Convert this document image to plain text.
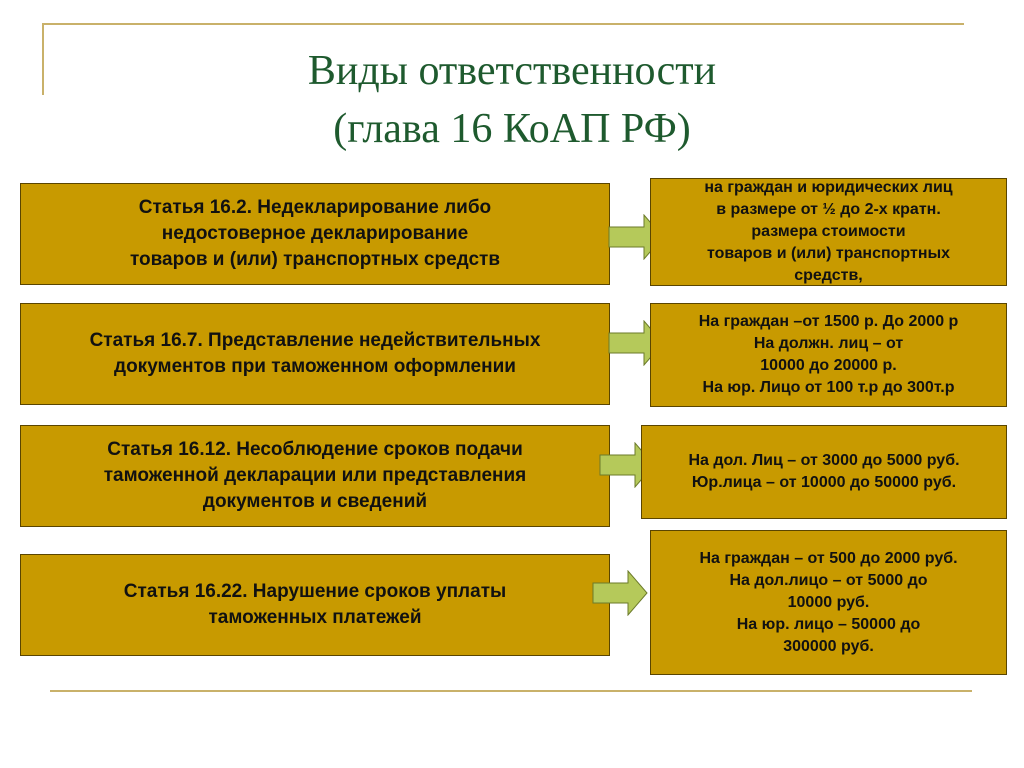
Виды ответственности
(глава 16 КоАП РФ)
Статья 16.2. Недекларирование либо
недостоверное декларирование
товаров и (или) транспортных средств
на граждан и юридических лиц
в размере от ½ до 2-х кратн.
размера стоимости
товаров и (или) транспортных
средств,
Статья 16.7. Представление недействительных
документов при таможенном оформлении
На граждан –от 1500 р. До 2000 р
На должн. лиц – от
10000 до 20000 р.
На юр. Лицо от 100 т.р до 300т.р
Статья 16.12. Несоблюдение сроков подачи
таможенной декларации или представления
документов и сведений
На дол. Лиц – от 3000 до 5000 руб.
Юр.лица – от 10000 до 50000 руб.
Статья 16.22. Нарушение сроков уплаты
таможенных платежей
На граждан – от 500 до 2000 руб.
На дол.лицо – от 5000 до
10000 руб.
На юр. лицо – 50000 до
300000 руб.
